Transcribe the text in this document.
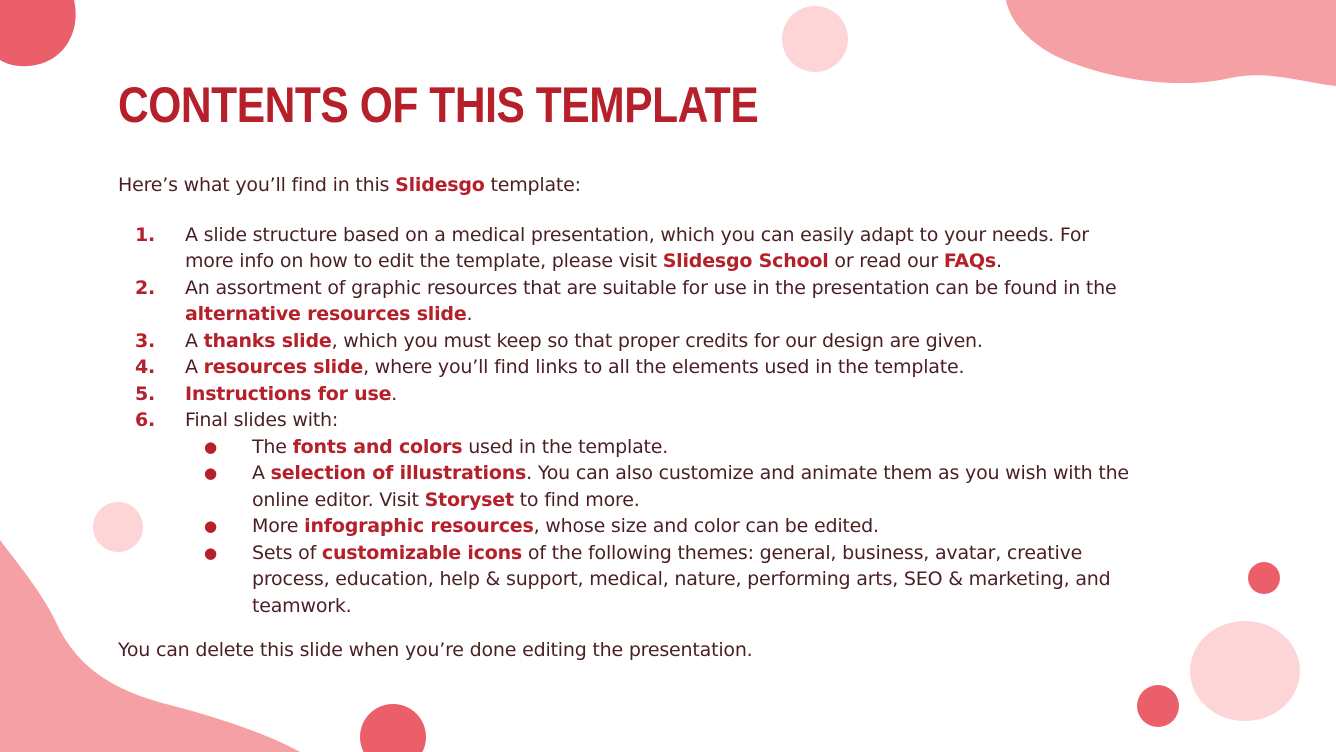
CONTENTS OF THIS TEMPLATE

Here’s what you’ll find in this Slidesgo template:

1. A slide structure based on a medical presentation, which you can easily adapt to your needs. For
more info on how to edit the template, please visit Slidesgo School or read our FAQs.
2. An assortment of graphic resources that are suitable for use in the presentation can be found in the
alternative resources slide.
3. A thanks slide, which you must keep so that proper credits for our design are given.
4. A resources slide, where you’ll find links to all the elements used in the template.
5. Instructions for use.
6. Final slides with:
● The fonts and colors used in the template.
● A selection of illustrations. You can also customize and animate them as you wish with the
online editor. Visit Storyset to find more.
● More infographic resources, whose size and color can be edited.
● Sets of customizable icons of the following themes: general, business, avatar, creative
process, education, help & support, medical, nature, performing arts, SEO & marketing, and
teamwork.

You can delete this slide when you’re done editing the presentation.
